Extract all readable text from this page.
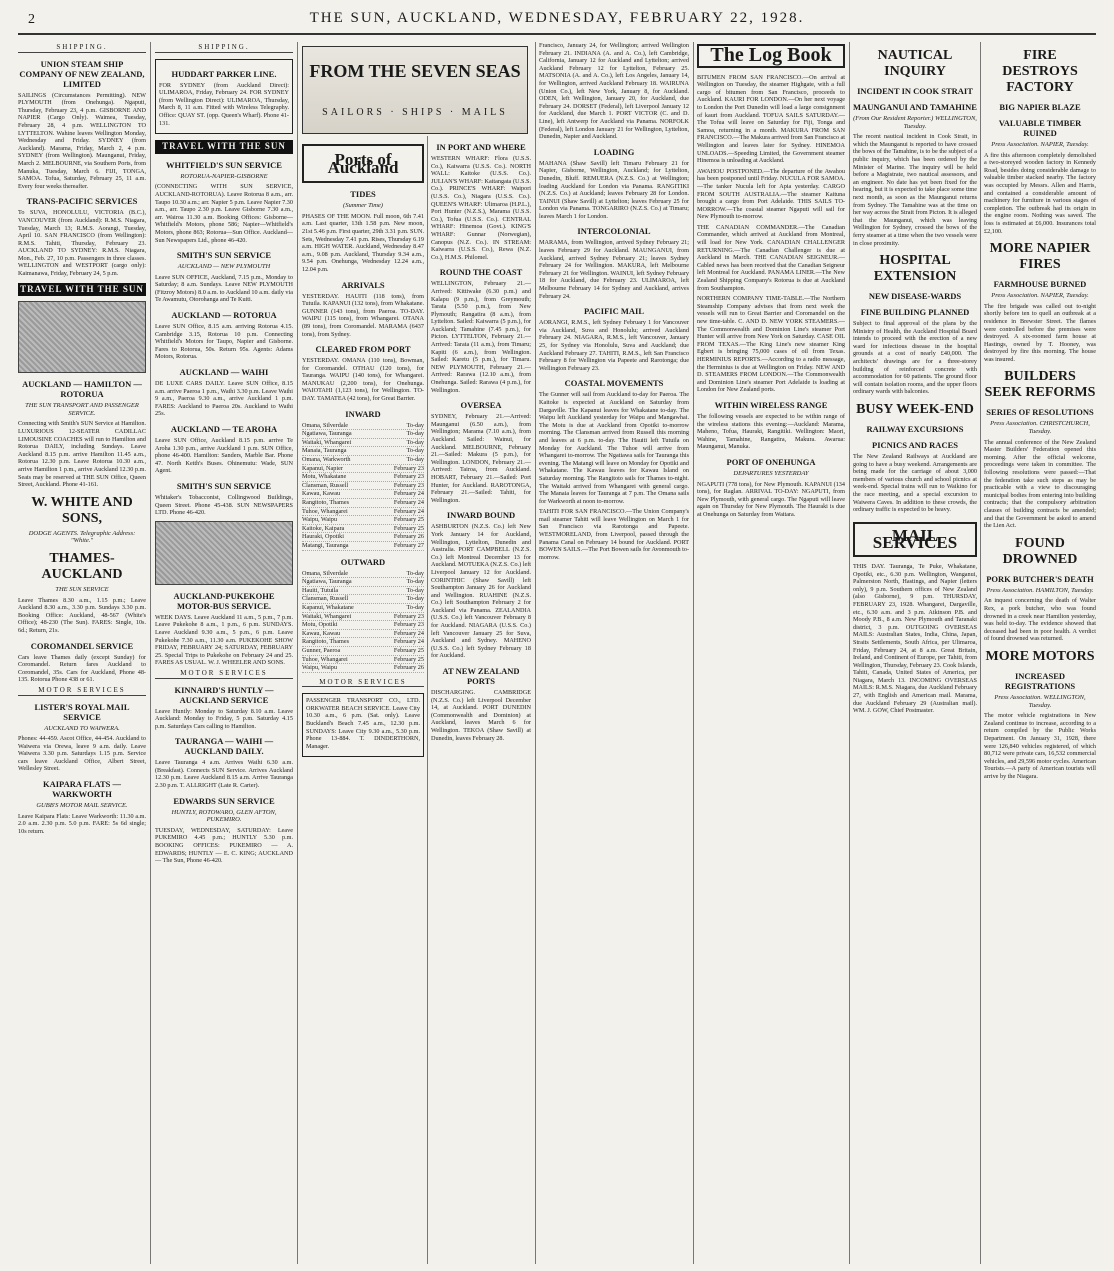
2	THE SUN, AUCKLAND, WEDNESDAY, FEBRUARY 22, 1928.
SHIPPING.
UNION STEAM SHIP COMPANY OF NEW ZEALAND, LIMITED

SAILINGS (Circumstances Permitting). NEW PLYMOUTH (from Onehunga). Ngaputi, Thursday, February 23, 4 p.m. GISBORNE AND NAPIER (Cargo Only). Waimea, Tuesday, February 28, 4 p.m. WELLINGTON TO LYTTELTON. Wahine leaves Wellington Monday, Wednesday and Friday. SYDNEY (from Auckland). Marama, Friday, March 2, 4 p.m. SYDNEY (from Wellington). Maunganui, Friday, March 2. MELBOURNE, via Southern Ports, from Manuka, Tuesday, March 6. FIJI, TONGA, SAMOA. Tofua, Saturday, February 25, 11 a.m. Every four weeks thereafter.

TRANS-PACIFIC SERVICES

To SUVA, HONOLULU, VICTORIA (B.C.), VANCOUVER (from Auckland): R.M.S. Niagara, Tuesday, March 13; R.M.S. Aorangi, Tuesday, April 10. SAN FRANCISCO (from Wellington): R.M.S. Tahiti, Thursday, February 23. AUCKLAND TO SYDNEY: R.M.S. Niagara, Mon., Feb. 27, 10 p.m. Passengers in three classes. WELLINGTON and WESTPORT (cargo only): Kaimanawa, Friday, February 24, 5 p.m.

TRAVEL WITH THE SUN
AUCKLAND — HAMILTON — ROTORUA
THE SUN TRANSPORT AND PASSENGER SERVICE.

Connecting with Smith's SUN Service at Hamilton. LUXURIOUS 12-SEATER CADILLAC LIMOUSINE COACHES will run to Hamilton and Rotorua DAILY, including Sundays. Leave Auckland 8.15 p.m. arrive Hamilton 11.45 a.m., Rotorua 12.30 p.m. Leave Rotorua 10.30 a.m., arrive Hamilton 1 p.m., arrive Auckland 12.30 p.m. Seats may be reserved at THE SUN Office, Queen Street, Auckland. Phone 41-161.

W. WHITE AND SONS,
DODGE AGENTS. Telegraphic Address: "White."
THAMES-AUCKLAND
THE SUN SERVICE

Leave Thames 8.30 a.m., 1.15 p.m.; Leave Auckland 8.30 a.m., 3.30 p.m. Sundays 3.30 p.m. Booking Office: Auckland, 48-567 (White's Office); 48-230 (The Sun). FARES: Single, 10s. 6d.; Return, 21s.

COROMANDEL SERVICE

Cars leave Thames daily (except Sunday) for Coromandel. Return fares Auckland to Coromandel, 35s. Cars for Auckland, Phone 48-135. Rotorua Phone 438 or 61.

MOTOR SERVICES
LISTER'S ROYAL MAIL SERVICE
AUCKLAND TO WAIWERA.

Phones: 44-459. Ascot Office, 44-454. Auckland to Waiwera via Orewa, leave 9 a.m. daily. Leave Waiwera 3.30 p.m. Saturdays 1.15 p.m. Service cars leave Auckland Office, Albert Street, Wellesley Street.

KAIPARA FLATS — WARKWORTH
GUBB'S MOTOR MAIL SERVICE.

Leave Kaipara Flats: Leave Warkworth: 11.30 a.m. 2.0 a.m. 2.30 p.m. 5.0 p.m. FARE: 5s 6d single; 10s return.

SHIPPING.
HUDDART PARKER LINE.

FOR SYDNEY (from Auckland Direct): ULIMAROA, Friday, February 24. FOR SYDNEY (from Wellington Direct): ULIMAROA, Thursday, March 8, 11 a.m. Fitted with Wireless Telegraphy. Office: QUAY ST. (opp. Queen's Wharf). Phone 41-131.

TRAVEL WITH THE SUN
WHITFIELD'S SUN SERVICE
ROTORUA-NAPIER-GISBORNE

(CONNECTING WITH SUN SERVICE, AUCKLAND-ROTORUA). Leave Rotorua 8 a.m., arr. Taupo 10.30 a.m.; arr. Napier 5 p.m. Leave Napier 7.30 a.m., arr. Taupo 2.30 p.m. Leave Gisborne 7.30 a.m., arr. Wairoa 11.30 a.m. Booking Offices: Gisborne—Whitfield's Motors, phone 586; Napier—Whitfield's Motors, phone 863; Rotorua—Sun Office. Auckland—Sun Newspapers Ltd., phone 46-420.

SMITH'S SUN SERVICE
AUCKLAND — NEW PLYMOUTH

Leave SUN OFFICE, Auckland, 7.15 p.m., Monday to Saturday; 8 a.m. Sundays. Leave NEW PLYMOUTH (Fitzroy Motors) 8.0 a.m. to Auckland 10 a.m. daily via Te Awamutu, Otorohanga and Te Kuiti.

AUCKLAND — ROTORUA

Leave SUN Office, 8.15 a.m. arriving Rotorua 4.15. Cambridge 3.15, Rotorua 10 p.m. Connecting Whitfield's Motors for Taupo, Napier and Gisborne. Fares to Rotorua, 50s. Return 95s. Agents: Adams Motors, Rotorua.

AUCKLAND — WAIHI

DE LUXE CARS DAILY. Leave SUN Office, 8.15 a.m. arrive Paeroa 1 p.m., Waihi 3.30 p.m. Leave Waihi 9 a.m., Paeroa 9.30 a.m., arrive Auckland 1 p.m. FARES: Auckland to Paeroa 20s. Auckland to Waihi 25s.

AUCKLAND — TE AROHA

Leave SUN Office, Auckland 8.15 p.m. arrive Te Aroha 1.30 p.m., arrive Auckland 1 p.m. SUN Office, phone 46-400. Hamilton: Sanders, Marble Bar. Phone 47. North Keith's Buses. Ohinemutu: Wade, SUN Agent.

SMITH'S SUN SERVICE

Whitaker's Tobacconist, Collingwood Buildings, Queen Street. Phone 45-438. SUN NEWSPAPERS LTD. Phone 46-420.

AUCKLAND-PUKEKOHE MOTOR-BUS SERVICE.

WEEK DAYS. Leave Auckland 11 a.m., 5 p.m., 7 p.m. Leave Pukekohe 8 a.m., 1 p.m., 6 p.m. SUNDAYS. Leave Auckland 9.30 a.m., 5 p.m., 6 p.m. Leave Pukekohe 7.30 a.m., 11.30 a.m. PUKEKOHE SHOW FRIDAY, FEBRUARY 24; SATURDAY, FEBRUARY 25. Special Trips to Pukekohe on February 24 and 25. FARES AS USUAL. W. J. WHEELER AND SONS.

MOTOR SERVICES
KINNAIRD'S HUNTLY — AUCKLAND SERVICE

Leave Huntly: Monday to Saturday 8.10 a.m. Leave Auckland: Monday to Friday, 5 p.m. Saturday 4.15 p.m. Saturdays Cars calling to Hamilton.

TAURANGA — WAIHI — AUCKLAND DAILY.

Leave Tauranga 4 a.m. Arrives Waihi 6.30 a.m. (Breakfast). Connects SUN Service. Arrives Auckland 12.30 p.m. Leave Auckland 8.15 a.m. Arrive Tauranga 2.30 p.m. T. ALLRIGHT (Late R. Carter).

EDWARDS SUN SERVICE
HUNTLY, ROTOWARO, GLEN AFTON, PUKEMIRO.

TUESDAY, WEDNESDAY, SATURDAY: Leave PUKEMIRO 4.45 p.m.; HUNTLY 5.30 p.m. BOOKING OFFICES: PUKEMIRO — A. EDWARDS; HUNTLY — E. C. KING; AUCKLAND — The Sun, Phone 46-420.

FROM THE SEVEN SEAS
SAILORS · SHIPS · MAILS
Ports of Auckland
TIDES
(Summer Time)

PHASES OF THE MOON. Full moon, 6th 7.41 a.m. Last quarter, 13th 1.58 p.m. New moon, 21st 5.46 p.m. First quarter, 29th 3.31 p.m. SUN. Sets, Wednesday 7.41 p.m. Rises, Thursday 6.19 a.m. HIGH WATER. Auckland, Wednesday 8.47 a.m., 9.08 p.m. Auckland, Thursday 9.34 a.m., 9.54 p.m. Onehunga, Wednesday 12.24 a.m., 12.04 p.m.

ARRIVALS

YESTERDAY. HAUITI (118 tons), from Tutuila. KAPANUI (132 tons), from Whakatane. GUNNER (143 tons), from Paeroa. TO-DAY. WAIPU (115 tons), from Whangarei. OTANA (89 tons), from Coromandel. MARAMA (6437 tons), from Sydney.

CLEARED FROM PORT

YESTERDAY. OMANA (110 tons), Bowman, for Coromandel. OTHAU (120 tons), for Tauranga. WAIPU (140 tons), for Whangarei. MANUKAU (2,200 tons), for Onehunga. WAIOTAHI (1,123 tons), for Wellington. TO-DAY. TAMATEA (42 tons), for Great Barrier.

INWARD
Omana, Silverdale	To-day
Ngatiawa, Tauranga	To-day
Waitaki, Whangarei	To-day
Manaia, Tauranga	To-day
Omana, Warkworth	To-day
Kapanui, Napier	February 23
Motu, Whakatane	February 23
Clansman, Russell	February 23
Kawau, Kawau	February 24
Rangitoto, Thames	February 24
Tuhoe, Whangarei	February 24
Waipu, Waipu	February 25
Kaitoke, Kaipara	February 25
Hauraki, Opotiki	February 26
Matangi, Tauranga	February 27
OUTWARD
Omana, Silverdale	To-day
Ngatiawa, Tauranga	To-day
Hauiti, Tutuila	To-day
Clansman, Russell	To-day
Kapanui, Whakatane	To-day
Waitaki, Whangarei	February 23
Motu, Opotiki	February 23
Kawau, Kawau	February 24
Rangitoto, Thames	February 24
Gunner, Paeroa	February 25
Tuhoe, Whangarei	February 25
Waipu, Waipu	February 26
MOTOR SERVICES

PASSENGER TRANSPORT CO., LTD. ORKWATER BEACH SERVICE. Leave City 10.30 a.m., 6 p.m. (Sat. only). Leave Buckland's Beach 7.45 a.m., 12.30 p.m. SUNDAYS: Leave City 9.30 a.m., 5.30 p.m. Phone 13-884. T. DINDERTHORN, Manager.

IN PORT AND WHERE

WESTERN WHARF: Flora (U.S.S. Co.), Kaiwarra (U.S.S. Co.). NORTH WALL: Kaitoke (U.S.S. Co.). JULIAN'S WHARF: Kaitangata (U.S.S. Co.). PRINCE'S WHARF: Waipori (U.S.S. Co.), Niagara (U.S.S. Co.). QUEEN'S WHARF: Ulimaroa (H.P.L.), Port Hunter (N.Z.S.), Marama (U.S.S. Co.), Tofua (U.S.S. Co.). CENTRAL WHARF: Hinemoa (Govt.). KING'S WHARF: Gunnar (Norwegian), Canopus (N.Z. Co.). IN STREAM: Kaiwarra (U.S.S. Co.), Rewa (N.Z. Co.), H.M.S. Philomel.

ROUND THE COAST

WELLINGTON, February 21.—Arrived: Kittiwake (6.30 p.m.) and Kalapu (9 p.m.), from Greymouth; Tarata (5.50 p.m.), from New Plymouth; Rangatira (8 a.m.), from Lyttelton. Sailed: Kaiwarra (5 p.m.), for Auckland; Tamahine (7.45 p.m.), for Picton. LYTTELTON, February 21.—Arrived: Tarata (11 a.m.), from Timaru; Kapiti (6 a.m.), from Wellington. Sailed: Karetu (5 p.m.), for Timaru. NEW PLYMOUTH, February 21.—Arrived: Rarawa (12.10 a.m.), from Onehunga. Sailed: Rarawa (4 p.m.), for Wellington.

OVERSEA

SYDNEY, February 21.—Arrived: Maunganui (6.50 a.m.), from Wellington; Marama (7.10 a.m.), from Auckland. Sailed: Wainui, for Auckland. MELBOURNE, February 21.—Sailed: Makura (5 p.m.), for Wellington. LONDON, February 21.—Arrived: Tairoa, from Auckland. HOBART, February 21.—Sailed: Port Hunter, for Auckland. RAROTONGA, February 21.—Sailed: Tahiti, for Wellington.

INWARD BOUND

ASHBURTON (N.Z.S. Co.) left New York January 14 for Auckland, Wellington, Lyttelton, Dunedin and Australia. PORT CAMPBELL (N.Z.S. Co.) left Montreal December 13 for Auckland. MOTUEKA (N.Z.S. Co.) left Liverpool January 12 for Auckland. CORINTHIC (Shaw Savill) left Southampton January 26 for Auckland and Wellington. RUAHINE (N.Z.S. Co.) left Southampton February 2 for Auckland via Panama. ZEALANDIA (U.S.S. Co.) left Vancouver February 8 for Auckland. NIAGARA (U.S.S. Co.) left Vancouver January 25 for Suva, Auckland and Sydney. MAHENO (U.S.S. Co.) left Sydney February 18 for Auckland.

AT NEW ZEALAND PORTS

DISCHARGING. CAMBRIDGE (N.Z.S. Co.) left Liverpool December 14, at Auckland. PORT DUNEDIN (Commonwealth and Dominion) at Auckland, leaves March 6 for Wellington. TEKOA (Shaw Savill) at Dunedin, leaves February 28.

Francisco, January 24, for Wellington; arrived Wellington February 21. INDIANA (A. and A. Co.), left Cambridge, California, January 12 for Auckland and Lyttelton; arrived Auckland February 12 for Lyttelton, February 25. MATSONIA (A. and A. Co.), left Los Angeles, January 14, for Wellington, arrived Auckland February 18. WAIRUNA (Union Co.), left New York, January 8, for Auckland. ODEN, left Wellington, January 20, for Auckland, due February 24. DORSET (Federal), left Liverpool January 12 for Auckland, due March 1. PORT VICTOR (C. and D. Line), left Antwerp for Auckland via Panama. NORFOLK (Federal), left London January 21 for Wellington, Lyttelton, Dunedin, Napier and Auckland.

LOADING

MAHANA (Shaw Savill) left Timaru February 21 for Napier, Gisborne, Wellington, Auckland; for Lyttelton, Dunedin, Bluff. REMUERA (N.Z.S. Co.) at Wellington; loading Auckland for London via Panama. RANGITIKI (N.Z.S. Co.) at Auckland; leaves February 28 for London. TAINUI (Shaw Savill) at Lyttelton; leaves February 25 for London via Panama. TONGARIRO (N.Z.S. Co.) at Timaru; leaves March 1 for London.

INTERCOLONIAL

MARAMA, from Wellington, arrived Sydney February 21; leaves February 29 for Auckland. MAUNGANUI, from Auckland, arrived Sydney February 21; leaves Sydney February 24 for Wellington. MAKURA, left Melbourne February 21 for Wellington. WAINUI, left Sydney February 18 for Auckland, due February 23. ULIMAROA, left Melbourne February 14 for Sydney and Auckland, arrives February 24.

PACIFIC MAIL

AORANGI, R.M.S., left Sydney February 1 for Vancouver via Auckland, Suva and Honolulu; arrived Auckland February 24. NIAGARA, R.M.S., left Vancouver, January 25, for Sydney via Honolulu, Suva and Auckland; due Auckland February 27. TAHITI, R.M.S., left San Francisco February 8 for Wellington via Papeete and Rarotonga; due Wellington February 23.

COASTAL MOVEMENTS

The Gunner will sail from Auckland to-day for Paeroa. The Kaitoke is expected at Auckland on Saturday from Dargaville. The Kapanui leaves for Whakatane to-day. The Waipu left Auckland yesterday for Waipu and Mangawhai. The Motu is due at Auckland from Opotiki to-morrow morning. The Clansman arrived from Russell this morning and leaves at 6 p.m. to-day. The Hauiti left Tutuila on Monday for Auckland. The Tuhoe will arrive from Whangarei to-morrow. The Ngatiawa sails for Tauranga this evening. The Matangi will leave on Monday for Opotiki and Whakatane. The Kawau leaves for Kawau Island on Saturday morning. The Rangitoto sails for Thames to-night. The Waitaki arrived from Whangarei with general cargo. The Manaia leaves for Tauranga at 7 p.m. The Omana sails for Warkworth at noon to-morrow.

TAHITI FOR SAN FRANCISCO.—The Union Company's mail steamer Tahiti will leave Wellington on March 1 for San Francisco via Rarotonga and Papeete. WESTMORELAND, from Liverpool, passed through the Panama Canal on February 14 bound for Auckland. PORT BOWEN SAILS.—The Port Bowen sails for Avonmouth to-morrow.

The Log Book

BITUMEN FROM SAN FRANCISCO.—On arrival at Wellington on Tuesday, the steamer Highgate, with a full cargo of bitumen from San Francisco, proceeds to Auckland. KAURI FOR LONDON.—On her next voyage to London the Port Dunedin will load a large consignment of kauri from Auckland. TOFUA SAILS SATURDAY.—The Tofua will leave on Saturday for Fiji, Tonga and Samoa, returning in a month. MAKURA FROM SAN FRANCISCO.—The Makura arrived from San Francisco at Wellington and leaves later for Sydney. HINEMOA UNLOADS.—Speeding Limited, the Government steamer Hinemoa is unloading at Auckland.

AWAHOU POSTPONED.—The departure of the Awahou has been postponed until Friday. NUCULA FOR SAMOA.—The tanker Nucula left for Apia yesterday. CARGO FROM SOUTH AUSTRALIA.—The steamer Kaituna brought a cargo from Port Adelaide. THIS SAILS TO-MORROW.—The coastal steamer Ngaputi will sail for New Plymouth to-morrow.

THE CANADIAN COMMANDER.—The Canadian Commander, which arrived at Auckland from Montreal, will load for New York. CANADIAN CHALLENGER RETURNING.—The Canadian Challenger is due at Auckland in March. THE CANADIAN SEIGNEUR.—Cabled news has been received that the Canadian Seigneur left Montreal for Auckland. PANAMA LINER.—The New Zealand Shipping Company's Rotorua is due at Auckland from Southampton.

NORTHERN COMPANY TIME-TABLE.—The Northern Steamship Company advises that from next week the vessels will run to Great Barrier and Coromandel on the new time-table. C. AND D. NEW YORK STEAMERS.—The Commonwealth and Dominion Line's steamer Port Hunter will arrive from New York on Saturday. CASE OIL FROM TEXAS.—The King Line's new steamer King Egbert is bringing 75,000 cases of oil from Texas. HERMINIUS REPORTS.—According to a radio message, the Herminius is due at Wellington on Friday. NEW AND D. STEAMERS FROM LONDON.—The Commonwealth and Dominion Line's steamer Port Adelaide is loading at London for New Zealand ports.

WITHIN WIRELESS RANGE

The following vessels are expected to be within range of the wireless stations this evening:—Auckland: Marama, Maheno, Tofua, Hauraki, Rangitiki. Wellington: Maori, Wahine, Tamahine, Rangatira, Makura. Awarua: Maunganui, Manuka.

PORT OF ONEHUNGA
DEPARTURES YESTERDAY

NGAPUTI (778 tons), for New Plymouth. KAPANUI (134 tons), for Raglan. ARRIVAL TO-DAY: NGAPUTI, from New Plymouth, with general cargo. The Ngaputi will leave again on Thursday for New Plymouth. The Hauraki is due at Onehunga on Saturday from Waitara.

NAUTICAL INQUIRY
INCIDENT IN COOK STRAIT
MAUNGANUI AND TAMAHINE
(From Our Resident Reporter.) WELLINGTON, Tuesday.

The recent nautical incident in Cook Strait, in which the Maunganui is reported to have crossed the bows of the Tamahine, is to be the subject of a public inquiry, which has been ordered by the Minister of Marine. The inquiry will be held before a Magistrate, two nautical assessors, and an engineer. No date has yet been fixed for the hearing, but it is expected to take place some time next month, as soon as the Maunganui returns from Sydney. The Tamahine was at the time on her way across the Strait from Picton. It is alleged that the Maunganui, which was leaving Wellington for Sydney, crossed the bows of the ferry steamer at a time when the two vessels were in close proximity.

HOSPITAL EXTENSION
NEW DISEASE-WARDS
FINE BUILDING PLANNED

Subject to final approval of the plans by the Ministry of Health, the Auckland Hospital Board intends to proceed with the erection of a new ward for infectious disease in the hospital grounds at a cost of nearly £40,000. The architects' drawings are for a three-storey building of reinforced concrete with accommodation for 60 patients. The ground floor will contain isolation rooms, and the upper floors ordinary wards with balconies.

BUSY WEEK-END
RAILWAY EXCURSIONS
PICNICS AND RACES

The New Zealand Railways at Auckland are going to have a busy weekend. Arrangements are being made for the carriage of about 3,000 members of various church and school picnics at week-end. Special trains will run to Waikino for the race meeting, and a special excursion to Waiwera Caves. In addition to these crowds, the ordinary traffic is expected to be heavy.

MAIL SERVICES

THIS DAY. Tauranga, Te Puke, Whakatane, Opotiki, etc., 6.30 p.m. Wellington, Wanganui, Palmerston North, Hastings, and Napier (letters only), 9 p.m. Southern offices of New Zealand (also Gisborne), 9 p.m. THURSDAY, FEBRUARY 23, 1928. Whangarei, Dargaville, etc., 6.30 a.m. and 3 p.m. Atkinson P.B. and Moody P.B., 8 a.m. New Plymouth and Taranaki district, 3 p.m. OUTGOING OVERSEAS MAILS: Australian States, India, China, Japan, Straits Settlements, South Africa, per Ulimaroa, Friday, February 24, at 8 a.m. Great Britain, Ireland, and Continent of Europe, per Tahiti, from Wellington, Thursday, February 23. Cook Islands, Tahiti, Canada, United States of America, per Niagara, March 13. INCOMING OVERSEAS MAILS: R.M.S. Niagara, due Auckland February 27, with English and American mail. Marama, due Auckland February 29 (Australian mail). WM. J. GOW, Chief Postmaster.

FIRE DESTROYS FACTORY
BIG NAPIER BLAZE
VALUABLE TIMBER RUINED
Press Association. NAPIER, Tuesday.

A fire this afternoon completely demolished a two-storeyed wooden factory in Kennedy Road, besides doing considerable damage to valuable timber stacked nearby. The factory was occupied by Messrs. Allen and Harris, and contained a considerable amount of machinery for furniture in various stages of completion. The outbreak had its origin in the engine room. Nothing was saved. The loss is estimated at £6,000. Insurances total £2,100.

MORE NAPIER FIRES
FARMHOUSE BURNED
Press Association. NAPIER, Tuesday.

The fire brigade was called out to-night shortly before ten to quell an outbreak at a residence in Brewster Street. The flames were controlled before the premises were destroyed. A six-roomed farm house at Hastings, owned by T. Hooney, was destroyed by fire this morning. The house was insured.

BUILDERS SEEK REFORMS
SERIES OF RESOLUTIONS
Press Association. CHRISTCHURCH, Tuesday.

The annual conference of the New Zealand Master Builders' Federation opened this morning. After the official welcome, proceedings were taken in committee. The following resolutions were passed:—That the federation take such steps as may be practicable with a view to discouraging municipal bodies from entering into building contracts; that the compulsory arbitration clauses of building contracts be amended; and that the Government be asked to amend the Lien Act.

FOUND DROWNED
PORK BUTCHER'S DEATH
Press Association. HAMILTON, Tuesday.

An inquest concerning the death of Walter Rex, a pork butcher, who was found drowned in a creek near Hamilton yesterday, was held to-day. The evidence showed that deceased had been in poor health. A verdict of found drowned was returned.

MORE MOTORS
INCREASED REGISTRATIONS
Press Association. WELLINGTON, Tuesday.

The motor vehicle registrations in New Zealand continue to increase, according to a return compiled by the Public Works Department. On January 31, 1928, there were 126,840 vehicles registered, of which 80,712 were private cars, 16,532 commercial vehicles, and 29,596 motor cycles. American Tourists.—A party of American tourists will arrive by the Niagara.
